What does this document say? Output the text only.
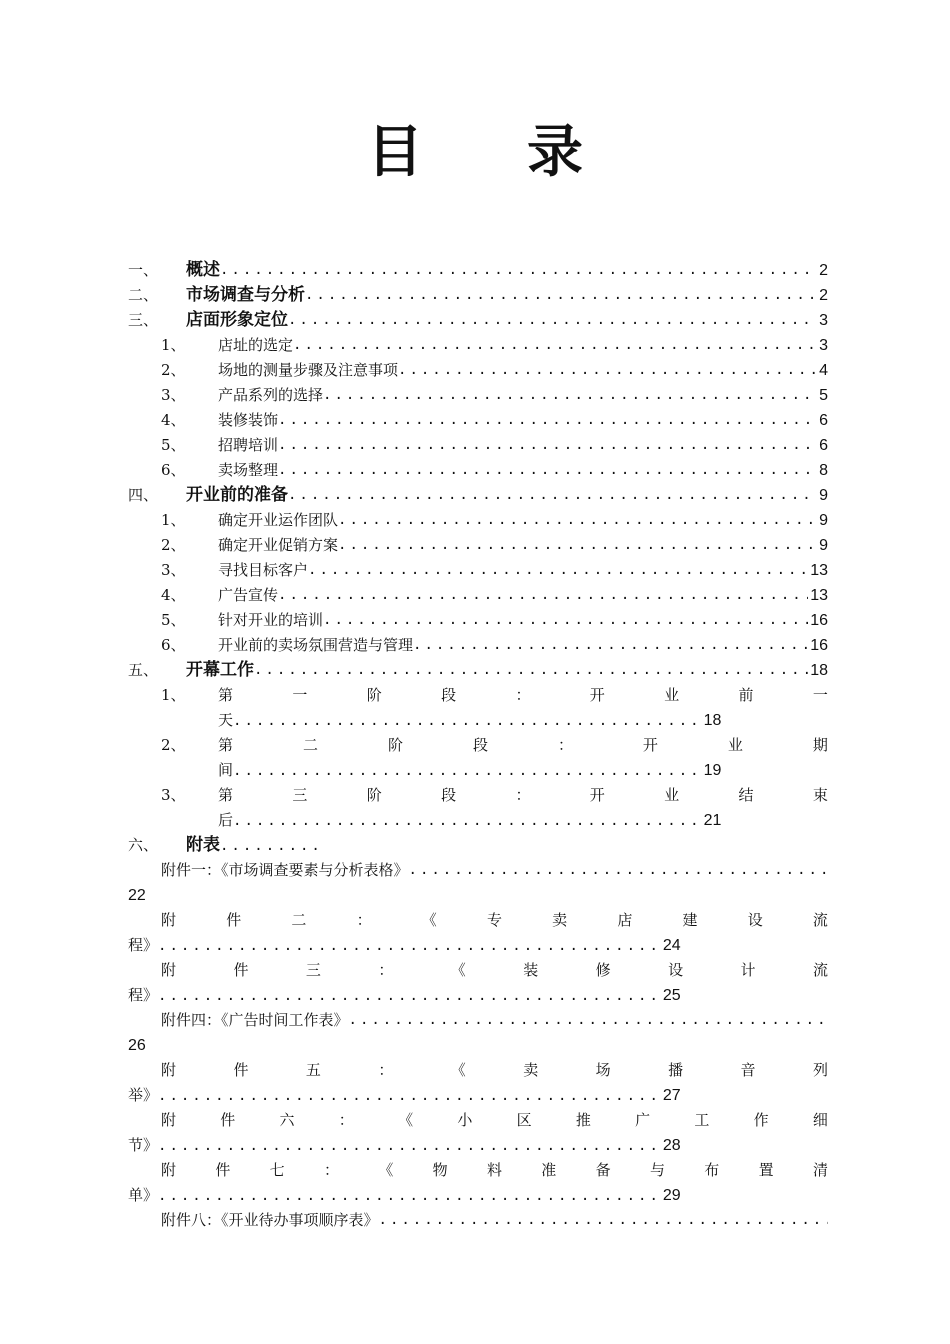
目 录
一、 概述 .....	2
二、 市场调查与分析 .....	2
三、 店面形象定位 .....	3
1、 店址的选定 .....	3
2、 场地的测量步骤及注意事项 .....	4
3、 产品系列的选择 .....	5
4、 装修装饰 .....	6
5、 招聘培训 .....	6
6、 卖场整理 .....	8
四、 开业前的准备 .....	9
1、 确定开业运作团队 .....	9
2、 确定开业促销方案 .....	9
3、 寻找目标客户 .....	13
4、 广告宣传 .....	13
5、 针对开业的培训 .....	16
6、 开业前的卖场氛围营造与管理 .....	16
五、 开幕工作 .....	18
1、 第	一	阶	段	：	开	业	前	一
天......................................... 18
2、 第	二	阶	段	：	开	业	期
间......................................... 19
3、 第	三	阶	段	：	开	业	结	束
后......................................... 21
六、 附表.........
附件一：《市场调查要素与分析表格》
.....
22
附	件	二	：	《	专	卖	店	建	设	流
程》............................................ 24
附	件	三	：	《	装	修	设	计	流
程》............................................ 25
附件四：《广告时间工作表》
.....
26
附	件	五	：	《	卖	场	播	音	列
举》............................................ 27
附	件	六	：	《	小	区	推	广	工	作	细
节》............................................ 28
附	件	七	：	《	物	料	准	备	与	布	置	清
单》............................................ 29
附件八：《开业待办事项顺序表》
.....
